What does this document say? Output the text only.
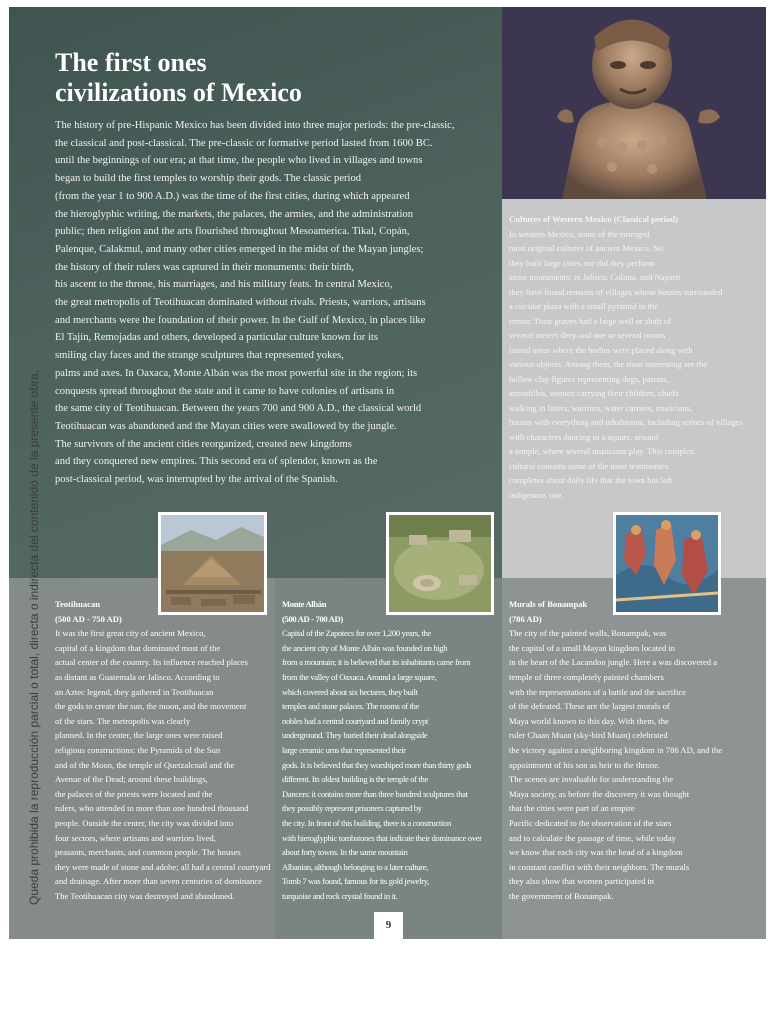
The first ones
civilizations of Mexico
The history of pre-Hispanic Mexico has been divided into three major periods: the pre-classic,
the classical and post-classical. The pre-classic or formative period lasted from 1600 BC.
until the beginnings of our era; at that time, the people who lived in villages and towns
began to build the first temples to worship their gods. The classic period
(from the year 1 to 900 A.D.) was the time of the first cities, during which appeared
the hieroglyphic writing, the markets, the palaces, the armies, and the administration
public; then religion and the arts flourished throughout Mesoamerica. Tikal, Copán,
Palenque, Calakmul, and many other cities emerged in the midst of the Mayan jungles;
the history of their rulers was captured in their monuments: their birth,
his ascent to the throne, his marriages, and his military feats. In central Mexico,
the great metropolis of Teotihuacan dominated without rivals. Priests, warriors, artisans
and merchants were the foundation of their power. In the Gulf of Mexico, in places like
El Tajín, Remojadas and others, developed a particular culture known for its
smiling clay faces and the strange sculptures that represented yokes,
palms and axes. In Oaxaca, Monte Albán was the most powerful site in the region; its
conquests spread throughout the state and it came to have colonies of artisans in
the same city of Teotihuacan. Between the years 700 and 900 A.D., the classical world
Teotihuacan was abandoned and the Mayan cities were swallowed by the jungle.
The survivors of the ancient cities reorganized, created new kingdoms
and they conquered new empires. This second era of splendor, known as the
post-classical period, was interrupted by the arrival of the Spanish.
Cultures of Western Mexico (Classical period)
In western Mexico, some of the emerged
most original cultures of ancient Mexico. No
they built large cities nor did they perform
stone monuments; in Jalisco, Colima, and Nayarit
they have found remains of villages whose houses surrounded
a circular plaza with a small pyramid in the
center. Their graves had a large well or shaft of
several meters deep and one or several rooms
lateral areas where the bodies were placed along with
various objects. Among them, the most interesting are the
hollow clay figures representing dogs, parrots,
armadillos, women carrying their children, chiefs
walking in litters, warriors, water carriers, musicians,
houses with everything and inhabitants, including scenes of villages
with characters dancing in a square, around
a temple, where several musicians play. This complex
cultural contains some of the most testimonies
completes about daily life that the town has left
indigenous one.
Teotihuacan
(500 AD - 750 AD)
It was the first great city of ancient Mexico,
capital of a kingdom that dominated most of the
actual center of the country. Its influence reached places
as distant as Guatemala or Jalisco. According to
an Aztec legend, they gathered in Teotihuacan
the gods to create the sun, the moon, and the movement
of the stars. The metropolis was clearly
planned. In the center, the large ones were raised
religious constructions: the Pyramids of the Sun
and of the Moon, the temple of Quetzalcoatl and the
Avenue of the Dead; around these buildings,
the palaces of the priests were located and the
rulers, who attended to more than one hundred thousand
people. Outside the center, the city was divided into
four sectors, where artisans and warriors lived,
peasants, merchants, and common people. The houses
they were made of stone and adobe; all had a central courtyard
and drainage. After more than seven centuries of dominance
The Teotihuacan city was destroyed and abandoned.
Monte Albán
(500 AD - 700 AD)
Capital of the Zapotecs for over 1,200 years, the
the ancient city of Monte Albán was founded on high
from a mountain; it is believed that its inhabitants came from
from the valley of Oaxaca. Around a large square,
which covered about six hectares, they built
temples and stone palaces. The rooms of the
nobles had a central courtyard and family crypt
underground. They buried their dead alongside
large ceramic urns that represented their
gods. It is believed that they worshiped more than thirty gods
different. Its oldest building is the temple of the
Dancers: it contains more than three hundred sculptures that
they possibly represent prisoners captured by
the city. In front of this building, there is a construction
with hieroglyphic tombstones that indicate their dominance over
about forty towns. In the same mountain
Albanian, although belonging to a later culture,
Tomb 7 was found, famous for its gold jewelry,
turquoise and rock crystal found in it.
Murals of Bonampak
(786 AD)
The city of the painted walls, Bonampak, was
the capital of a small Mayan kingdom located in
in the heart of the Lacandon jungle. Here a was discovered a
temple of three completely painted chambers
with the representations of a battle and the sacrifice
of the defeated. These are the largest murals of
Maya world known to this day. With them, the
ruler Chaan Muan (sky-bird Muan) celebrated
the victory against a neighboring kingdom in 786 AD, and the
appointment of his son as heir to the throne.
The scenes are invaluable for understanding the
Maya society, as before the discovery it was thought
that the cities were part of an empire
Pacific dedicated to the observation of the stars
and to calculate the passage of time, while today
we know that each city was the head of a kingdom
in constant conflict with their neighbors. The murals
they also show that women participated in
the government of Bonampak.
Queda prohibida la reproducción parcial o total, directa o indirecta del contenido de la presente obra,
9
